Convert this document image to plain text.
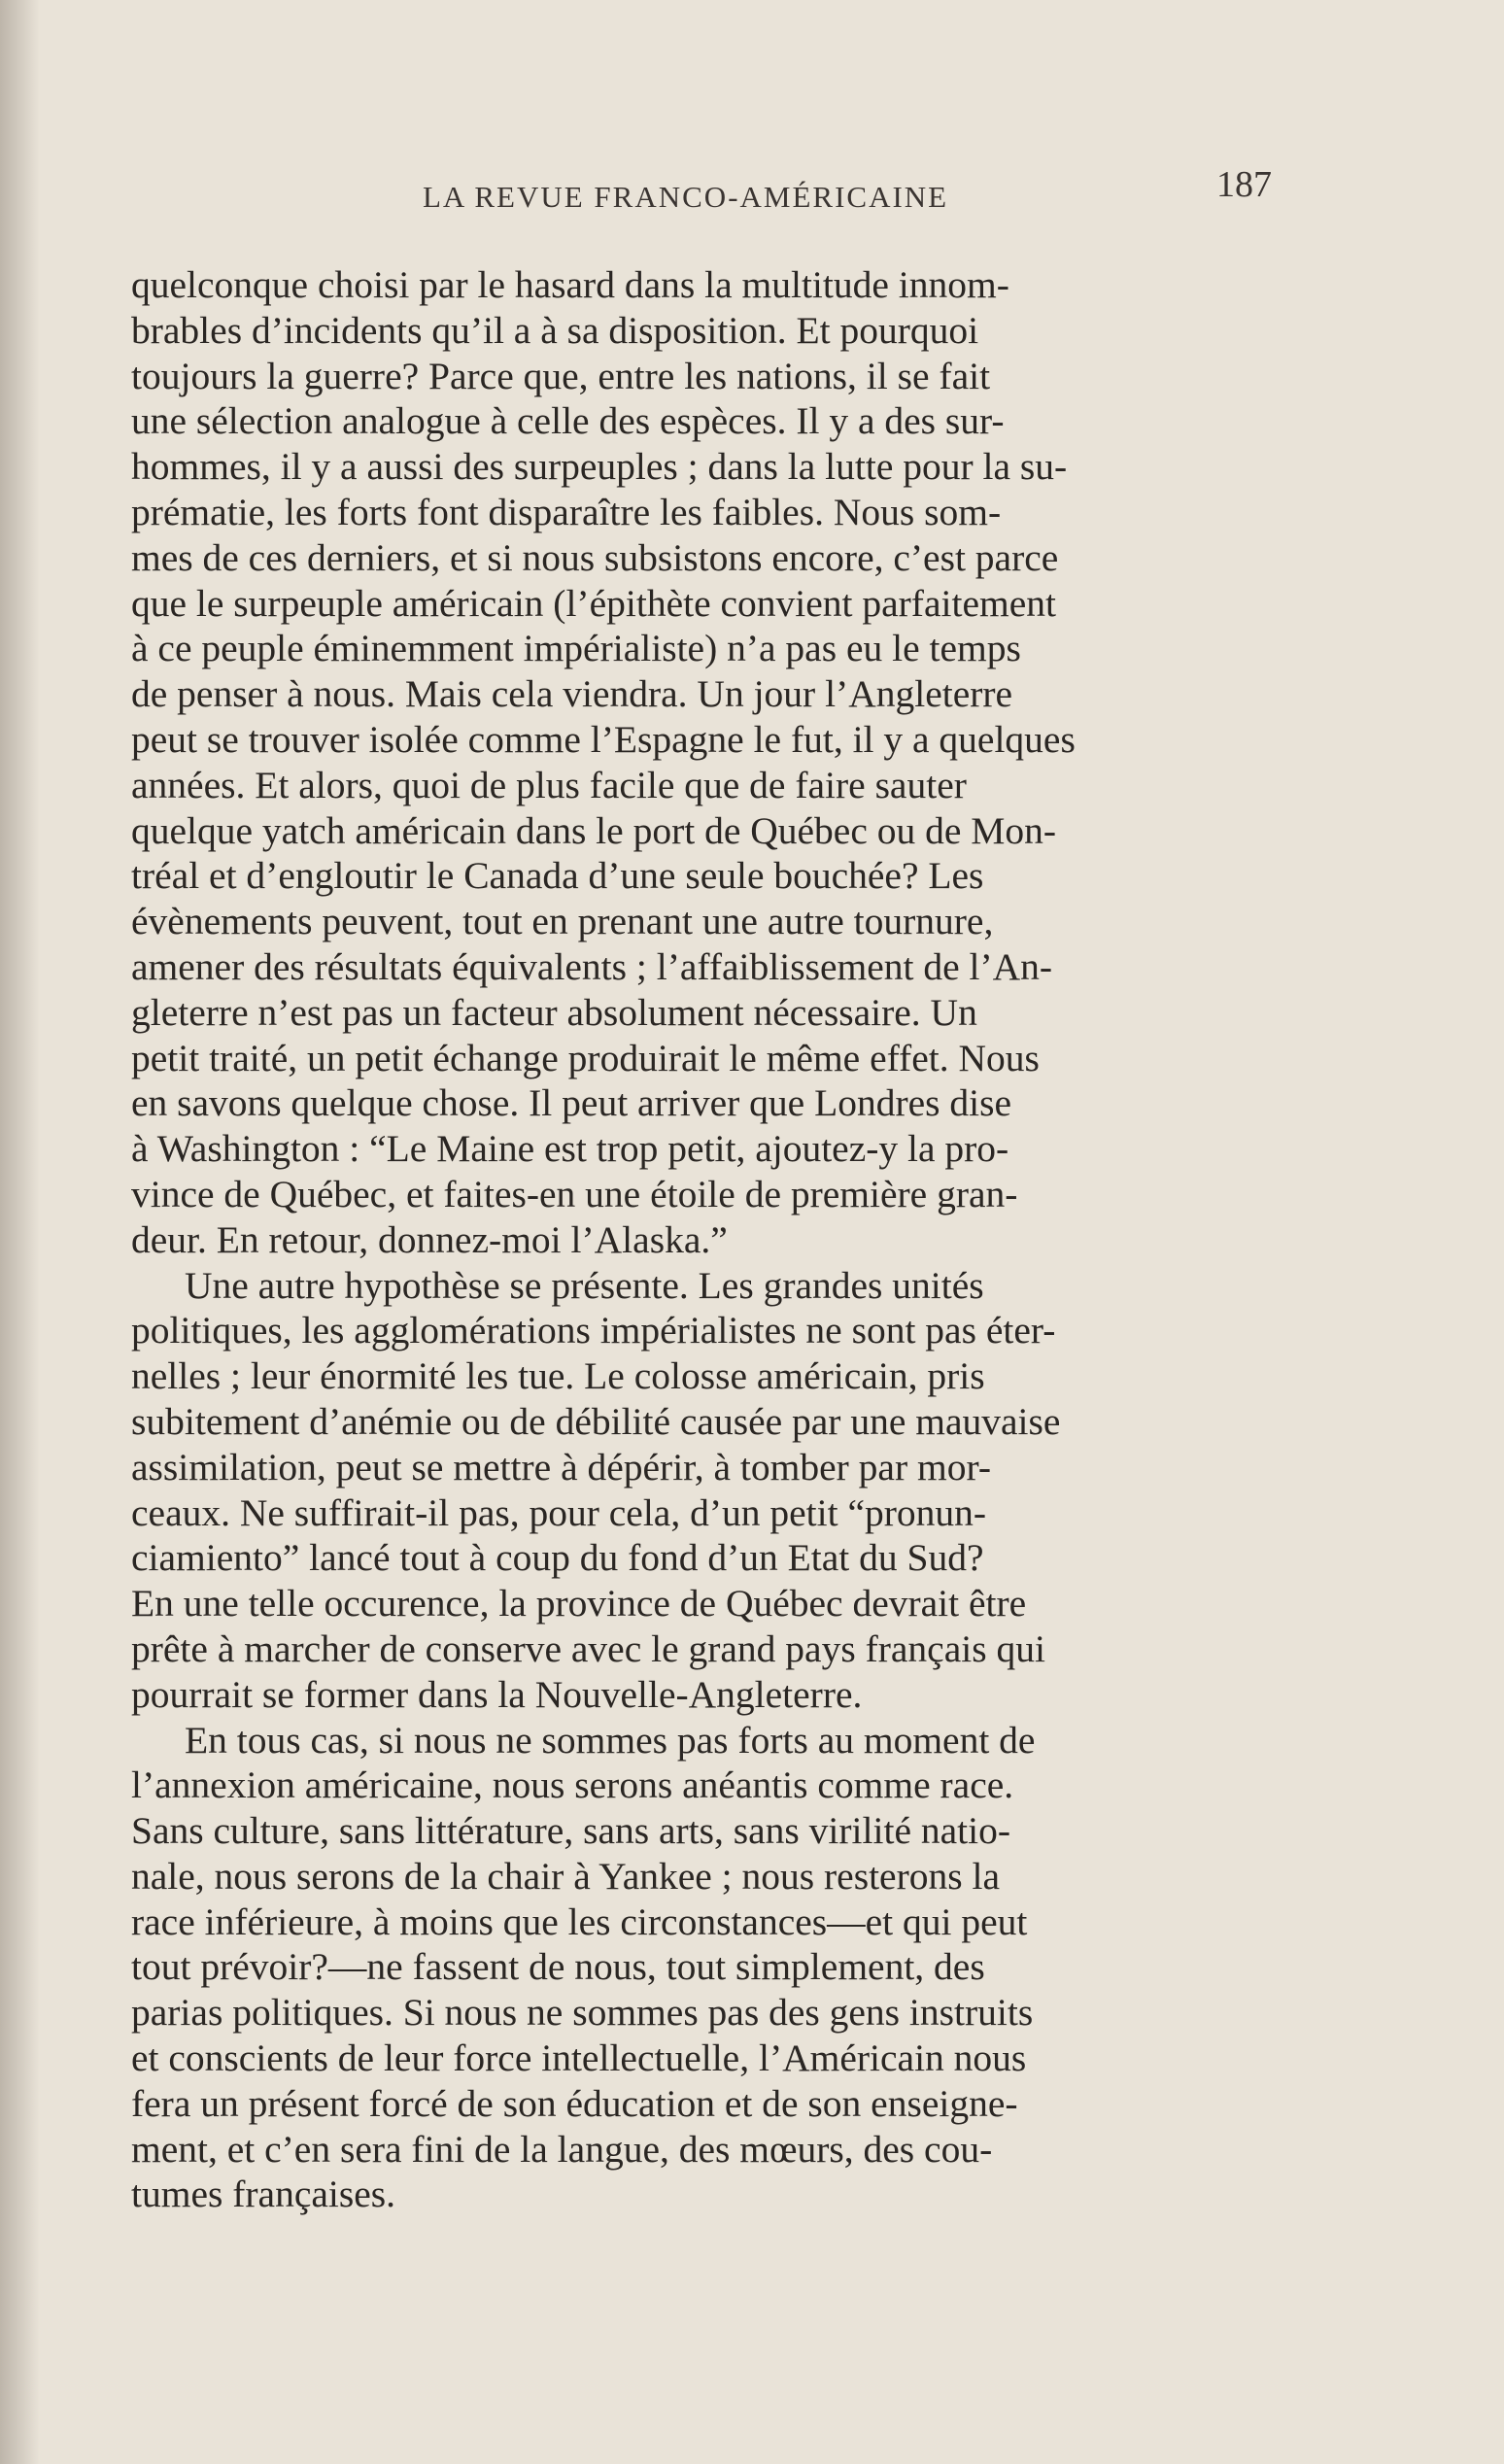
LA REVUE FRANCO-AMÉRICAINE	187
quelconque choisi par le hasard dans la multitude innom-
brables d’incidents qu’il a à sa disposition. Et pourquoi
toujours la guerre? Parce que, entre les nations, il se fait
une sélection analogue à celle des espèces. Il y a des sur-
hommes, il y a aussi des surpeuples ; dans la lutte pour la su-
prématie, les forts font disparaître les faibles. Nous som-
mes de ces derniers, et si nous subsistons encore, c’est parce
que le surpeuple américain (l’épithète convient parfaitement
à ce peuple éminemment impérialiste) n’a pas eu le temps
de penser à nous. Mais cela viendra. Un jour l’Angleterre
peut se trouver isolée comme l’Espagne le fut, il y a quelques
années. Et alors, quoi de plus facile que de faire sauter
quelque yatch américain dans le port de Québec ou de Mon-
tréal et d’engloutir le Canada d’une seule bouchée? Les
évènements peuvent, tout en prenant une autre tournure,
amener des résultats équivalents ; l’affaiblissement de l’An-
gleterre n’est pas un facteur absolument nécessaire. Un
petit traité, un petit échange produirait le même effet. Nous
en savons quelque chose. Il peut arriver que Londres dise
à Washington : “Le Maine est trop petit, ajoutez-y la pro-
vince de Québec, et faites-en une étoile de première gran-
deur. En retour, donnez-moi l’Alaska.”
Une autre hypothèse se présente. Les grandes unités
politiques, les agglomérations impérialistes ne sont pas éter-
nelles ; leur énormité les tue. Le colosse américain, pris
subitement d’anémie ou de débilité causée par une mauvaise
assimilation, peut se mettre à dépérir, à tomber par mor-
ceaux. Ne suffirait-il pas, pour cela, d’un petit “pronun-
ciamiento” lancé tout à coup du fond d’un Etat du Sud?
En une telle occurence, la province de Québec devrait être
prête à marcher de conserve avec le grand pays français qui
pourrait se former dans la Nouvelle-Angleterre.
En tous cas, si nous ne sommes pas forts au moment de
l’annexion américaine, nous serons anéantis comme race.
Sans culture, sans littérature, sans arts, sans virilité natio-
nale, nous serons de la chair à Yankee ; nous resterons la
race inférieure, à moins que les circonstances—et qui peut
tout prévoir?—ne fassent de nous, tout simplement, des
parias politiques. Si nous ne sommes pas des gens instruits
et conscients de leur force intellectuelle, l’Américain nous
fera un présent forcé de son éducation et de son enseigne-
ment, et c’en sera fini de la langue, des mœurs, des cou-
tumes françaises.
